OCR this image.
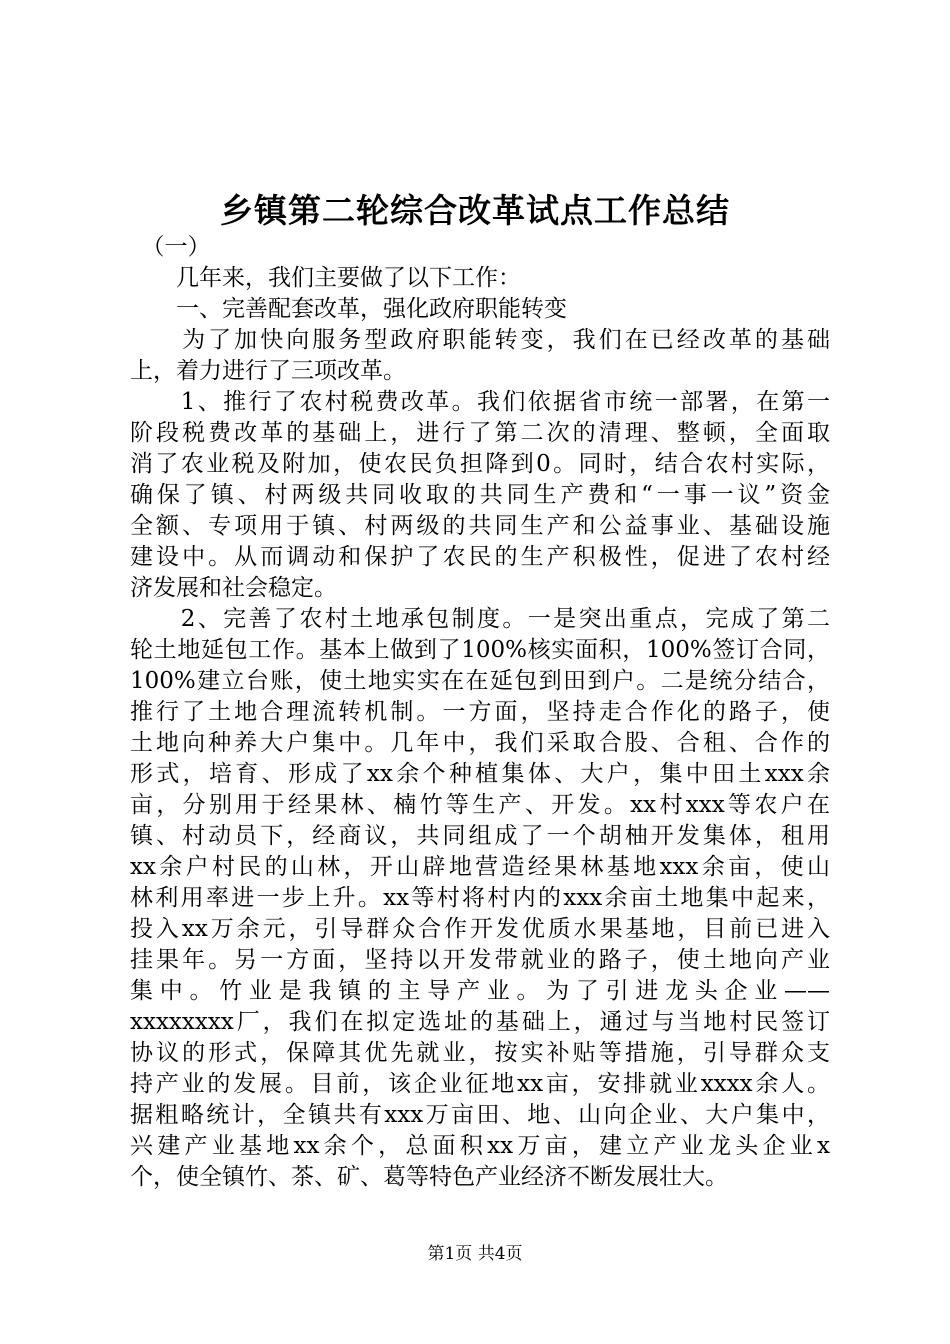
乡镇第二轮综合改革试点工作总结
　（一）
　　几年来，我们主要做了以下工作：
　　一、完善配套改革，强化政府职能转变
　　为了加快向服务型政府职能转变，我们在已经改革的基础
上，着力进行了三项改革。
　　1、推行了农村税费改革。我们依据省市统一部署，在第一
阶段税费改革的基础上，进行了第二次的清理、整顿，全面取
消了农业税及附加，使农民负担降到0。同时，结合农村实际，
确保了镇、村两级共同收取的共同生产费和“一事一议”资金
全额、专项用于镇、村两级的共同生产和公益事业、基础设施
建设中。从而调动和保护了农民的生产积极性，促进了农村经
济发展和社会稳定。
　　2、完善了农村土地承包制度。一是突出重点，完成了第二
轮土地延包工作。基本上做到了100%核实面积，100%签订合同，
100%建立台账，使土地实实在在延包到田到户。二是统分结合，
推行了土地合理流转机制。一方面，坚持走合作化的路子，使
土地向种养大户集中。几年中，我们采取合股、合租、合作的
形式，培育、形成了xx余个种植集体、大户，集中田土xxx余
亩，分别用于经果林、楠竹等生产、开发。xx村xxx等农户在
镇、村动员下，经商议，共同组成了一个胡柚开发集体，租用
xx余户村民的山林，开山辟地营造经果林基地xxx余亩，使山
林利用率进一步上升。xx等村将村内的xxx余亩土地集中起来，
投入xx万余元，引导群众合作开发优质水果基地，目前已进入
挂果年。另一方面，坚持以开发带就业的路子，使土地向产业
集中。竹业是我镇的主导产业。为了引进龙头企业——
xxxxxxxx厂，我们在拟定选址的基础上，通过与当地村民签订
协议的形式，保障其优先就业，按实补贴等措施，引导群众支
持产业的发展。目前，该企业征地xx亩，安排就业xxxx余人。
据粗略统计，全镇共有xxx万亩田、地、山向企业、大户集中，
兴建产业基地xx余个，总面积xx万亩，建立产业龙头企业x
个，使全镇竹、茶、矿、葛等特色产业经济不断发展壮大。
第1页 共4页
